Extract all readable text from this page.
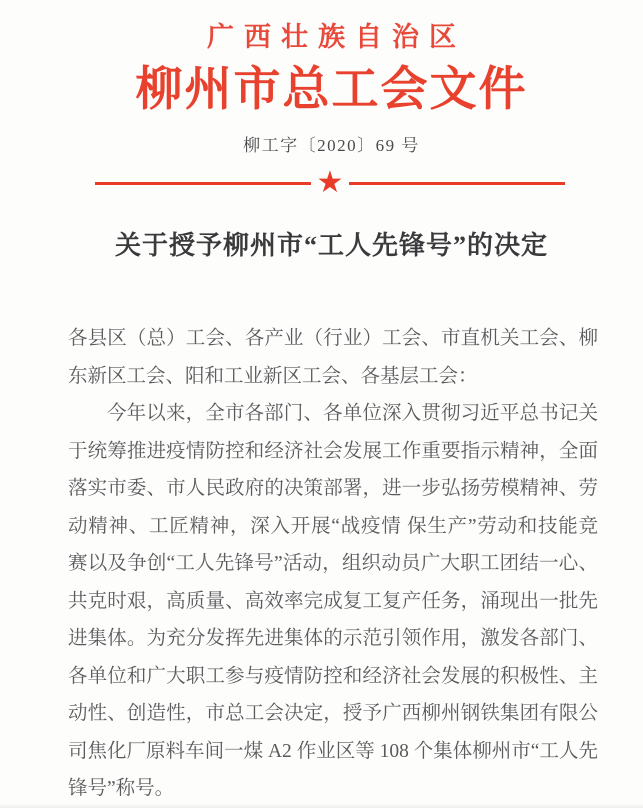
广西壮族自治区
柳州市总工会文件
柳工字〔2020〕69 号
★
关于授予柳州市“工人先锋号”的决定
各县区（总）工会、各产业（行业）工会、市直机关工会、柳
东新区工会、阳和工业新区工会、各基层工会：
今年以来，全市各部门、各单位深入贯彻习近平总书记关
于统筹推进疫情防控和经济社会发展工作重要指示精神，全面
落实市委、市人民政府的决策部署，进一步弘扬劳模精神、劳
动精神、工匠精神，深入开展“战疫情 保生产”劳动和技能竞
赛以及争创“工人先锋号”活动，组织动员广大职工团结一心、
共克时艰，高质量、高效率完成复工复产任务，涌现出一批先
进集体。为充分发挥先进集体的示范引领作用，激发各部门、
各单位和广大职工参与疫情防控和经济社会发展的积极性、主
动性、创造性，市总工会决定，授予广西柳州钢铁集团有限公
司焦化厂原料车间一煤 A2 作业区等 108 个集体柳州市“工人先
锋号”称号。
